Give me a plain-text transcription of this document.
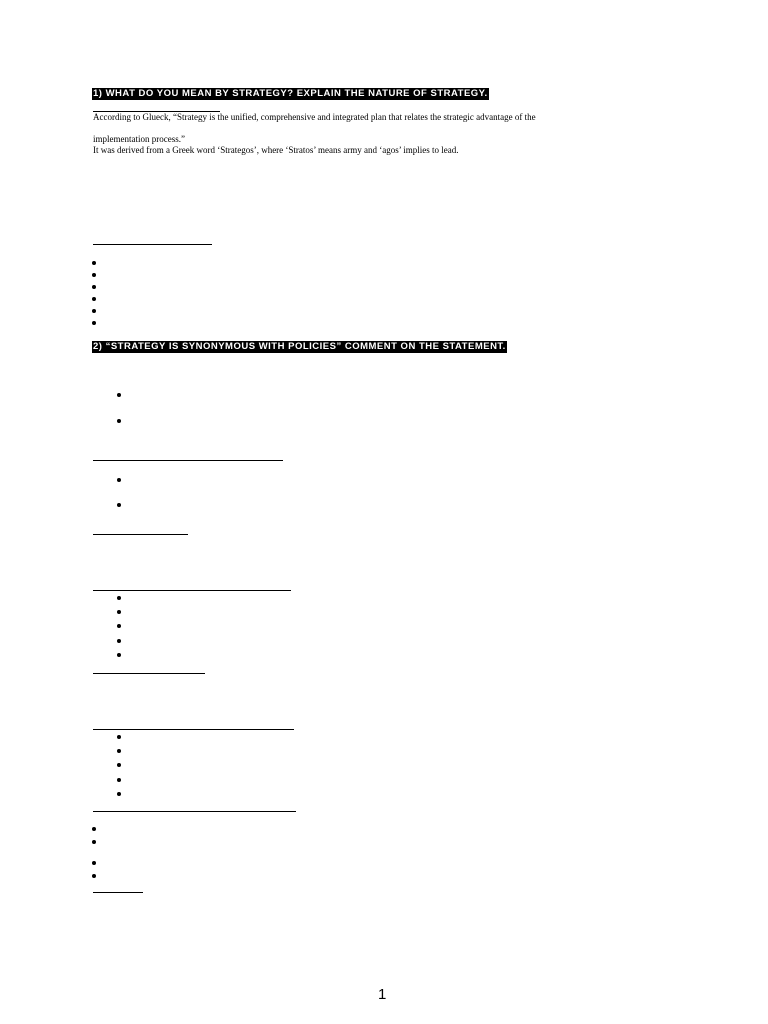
1) WHAT DO YOU MEAN BY STRATEGY? EXPLAIN THE NATURE OF STRATEGY.
According to Glueck, “Strategy is the unified, comprehensive and integrated plan that relates the strategic advantage of the
implementation process.”
It was derived from a Greek word ‘Strategos’, where ‘Stratos’ means army and ‘agos’ implies to lead.
2) “STRATEGY IS SYNONYMOUS WITH POLICIES” COMMENT ON THE STATEMENT.
1
